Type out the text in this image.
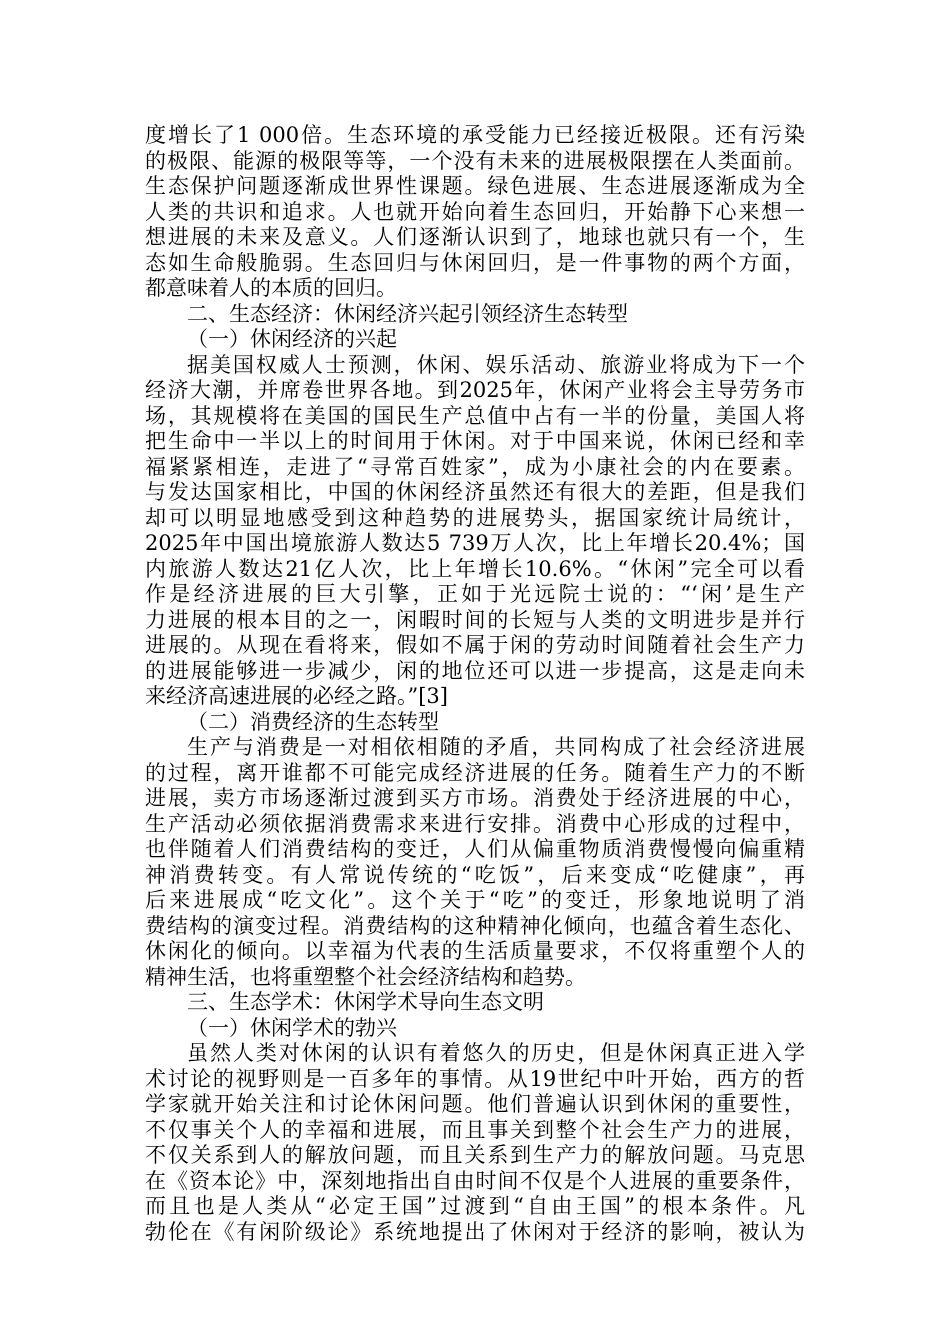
度增长了1 000倍。生态环境的承受能力已经接近极限。还有污染
的极限、能源的极限等等，一个没有未来的进展极限摆在人类面前。
生态保护问题逐渐成世界性课题。绿色进展、生态进展逐渐成为全
人类的共识和追求。人也就开始向着生态回归，开始静下心来想一
想进展的未来及意义。人们逐渐认识到了，地球也就只有一个，生
态如生命般脆弱。生态回归与休闲回归，是一件事物的两个方面，
都意味着人的本质的回归。
二、生态经济：休闲经济兴起引领经济生态转型
（一）休闲经济的兴起
据美国权威人士预测，休闲、娱乐活动、旅游业将成为下一个
经济大潮，并席卷世界各地。到2025年，休闲产业将会主导劳务市
场，其规模将在美国的国民生产总值中占有一半的份量，美国人将
把生命中一半以上的时间用于休闲。对于中国来说，休闲已经和幸
福紧紧相连，走进了“寻常百姓家”，成为小康社会的内在要素。
与发达国家相比，中国的休闲经济虽然还有很大的差距，但是我们
却可以明显地感受到这种趋势的进展势头，据国家统计局统计，
2025年中国出境旅游人数达5 739万人次，比上年增长20.4%；国
内旅游人数达21亿人次，比上年增长10.6%。“休闲”完全可以看
作是经济进展的巨大引擎，正如于光远院士说的：“‘闲’是生产
力进展的根本目的之一，闲暇时间的长短与人类的文明进步是并行
进展的。从现在看将来，假如不属于闲的劳动时间随着社会生产力
的进展能够进一步减少，闲的地位还可以进一步提高，这是走向未
来经济高速进展的必经之路。”[3]
（二）消费经济的生态转型
生产与消费是一对相依相随的矛盾，共同构成了社会经济进展
的过程，离开谁都不可能完成经济进展的任务。随着生产力的不断
进展，卖方市场逐渐过渡到买方市场。消费处于经济进展的中心，
生产活动必须依据消费需求来进行安排。消费中心形成的过程中，
也伴随着人们消费结构的变迁，人们从偏重物质消费慢慢向偏重精
神消费转变。有人常说传统的“吃饭”，后来变成“吃健康”，再
后来进展成“吃文化”。这个关于“吃”的变迁，形象地说明了消
费结构的演变过程。消费结构的这种精神化倾向，也蕴含着生态化、
休闲化的倾向。以幸福为代表的生活质量要求，不仅将重塑个人的
精神生活，也将重塑整个社会经济结构和趋势。
三、生态学术：休闲学术导向生态文明
（一）休闲学术的勃兴
虽然人类对休闲的认识有着悠久的历史，但是休闲真正进入学
术讨论的视野则是一百多年的事情。从19世纪中叶开始，西方的哲
学家就开始关注和讨论休闲问题。他们普遍认识到休闲的重要性，
不仅事关个人的幸福和进展，而且事关到整个社会生产力的进展，
不仅关系到人的解放问题，而且关系到生产力的解放问题。马克思
在《资本论》中，深刻地指出自由时间不仅是个人进展的重要条件，
而且也是人类从“必定王国”过渡到“自由王国”的根本条件。凡
勃伦在《有闲阶级论》系统地提出了休闲对于经济的影响，被认为
